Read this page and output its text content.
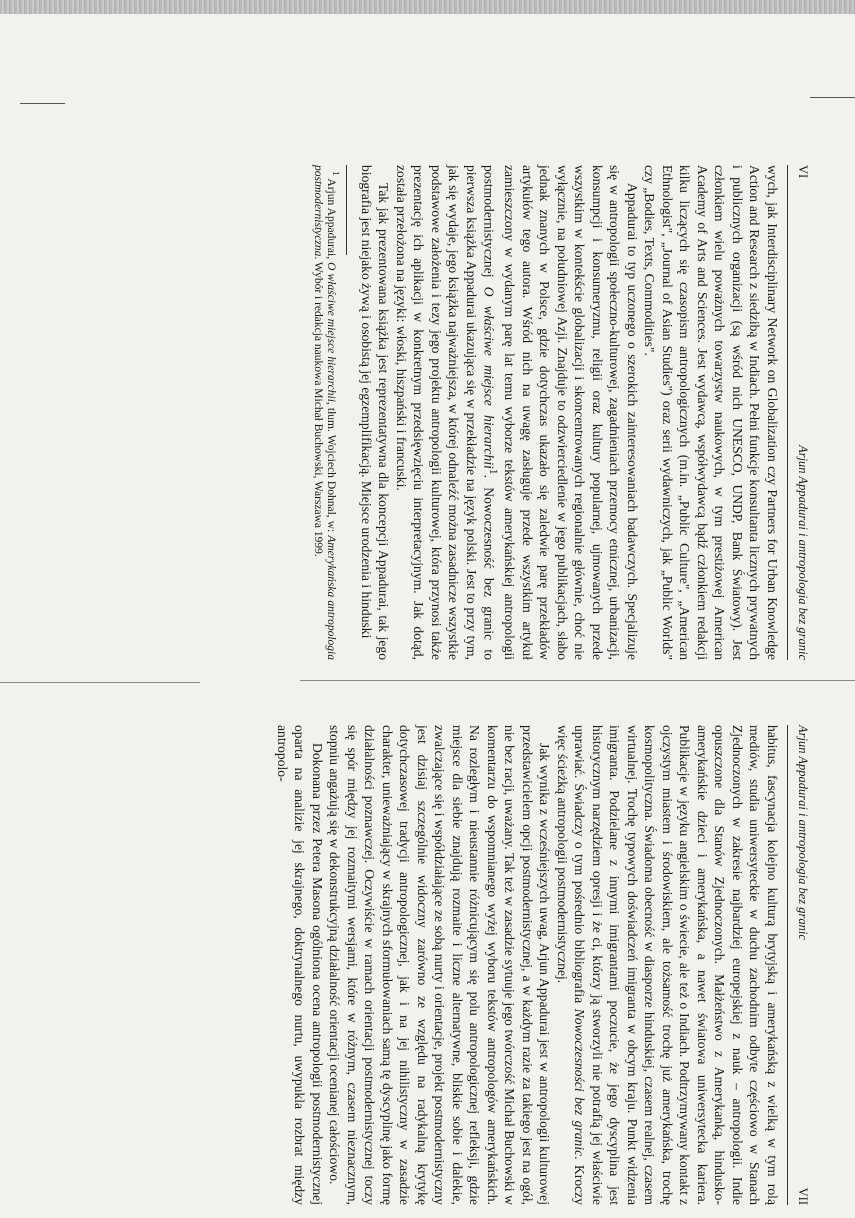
VI
Arjun Appadurai i antropologia bez granic

wych, jak Interdisciplinary Network on Globalization czy Partners for Urban Knowledge Action and Research z siedzibą w Indiach. Pełni funkcje konsultanta licznych prywatnych i publicznych organizacji (są wśród nich UNESCO, UNDP, Bank Światowy). Jest członkiem wielu poważnych towarzystw naukowych, w tym prestiżowej American Academy of Arts and Sciences. Jest wydawcą, współwydawcą bądź członkiem redakcji kilku liczących się czasopism antropologicznych (m.in. „Public Culture", „American Ethnologist", „Journal of Asian Studies") oraz serii wydawniczych, jak „Public Worlds" czy „Bodies, Texts, Commodities".

Appadurai to typ uczonego o szerokich zainteresowaniach badawczych. Specjalizuje się w antropologii społeczno-kulturowej, zagadnieniach przemocy etnicznej, urbanizacji, konsumpcji i konsumeryzmu, religii oraz kultury popularnej, ujmowanych przede wszystkim w kontekście globalizacji i skoncentrowanych regionalnie głównie, choć nie wyłącznie, na południowej Azji. Znajduje to odzwierciedlenie w jego publikacjach, słabo jednak znanych w Polsce, gdzie dotychczas ukazało się zaledwie parę przekładów artykułów tego autora. Wśród nich na uwagę zasługuje przede wszystkim artykuł zamieszczony w wydanym parę lat temu wyborze tekstów amerykańskiej antropologii postmodernistycznej O właściwe miejsce hierarchii$^1$. Nowoczesność bez granic to pierwsza książka Appadurai ukazująca się w przekładzie na język polski. Jest to przy tym, jak się wydaje, jego książka najważniejsza, w której odnaleźć można zasadnicze wszystkie podstawowe założenia i tezy jego projektu antropologii kulturowej, która przynosi także prezentację ich aplikacji w konkretnym przedsięwzięciu interpretacyjnym. Jak dotąd, została przełożona na języki: włoski, hiszpański i francuski.

Tak jak prezentowana książka jest reprezentatywna dla koncepcji Appadurai, tak jego biografia jest niejako żywą i osobistą jej egzemplifikacją. Miejsce urodzenia i hinduski

$^1$ Arjun Appadurai, O właściwe miejsce hierarchii, tłum. Wojciech Dohnal, w: Amerykańska antropologia postmodernistyczna. Wybór i redakcja naukowa Michał Buchowski, Warszawa 1999.
Arjun Appadurai i antropologia bez granic
VII

habitus, fascynacja kolejno kulturą brytyjską i amerykańską z wielką w tym rolą mediów, studia uniwersyteckie w duchu zachodnim odbyte częściowo w Stanach Zjednoczonych w zakresie najbardziej europejskiej z nauk – antropologii. Indie opuszczone dla Stanów Zjednoczonych. Małżeństwo z Amerykanką, hindusko-amerykańskie dzieci i amerykańska, a nawet światowa uniwersytecka kariera. Publikacje w języku angielskim o świecie, ale też o Indiach. Podtrzymywany kontakt z ojczystym miastem i środowiskiem, ale tożsamość trochę już amerykańska, trochę kosmopolityczna. Świadoma obecność w diasporze hinduskiej, czasem realnej, czasem wirtualnej. Trochę typowych doświadczeń imigranta w obcym kraju. Punkt widzenia imigranta. Podzielane z innymi imigrantami poczucie, że jego dyscyplina jest historycznym narzędziem opresji i że ci, którzy ją stworzyli nie potrafią jej właściwie uprawiać. Świadczy o tym pośrednio bibliografia Nowoczesności bez granic. Kroczy więc ścieżką antropologii postmodernistycznej.

Jak wynika z wcześniejszych uwag, Arjun Appadurai jest w antropologii kulturowej przedstawicielem opcji postmodernistycznej, a w każdym razie za takiego jest na ogół, nie bez racji, uważany. Tak też w zasadzie sytuuje jego twórczość Michał Buchowski w komentarzu do wspomnianego wyżej wyboru tekstów antropologów amerykańskich. Na rozległym i nieustannie różnicującym się polu antropologicznej refleksji, gdzie miejsce dla siebie znajdują rozmaite i liczne alternatywne, bliskie sobie i dalekie, zwalczające się i współdziałające ze sobą nurty i orientacje, projekt postmodernistyczny jest dzisiaj szczególnie widoczny zarówno ze względu na radykalną krytykę dotychczasowej tradycji antropologicznej, jak i na jej nihilistyczny w zasadzie charakter, unieważniający w skrajnych sformułowaniach samą tę dyscyplinę jako formę działalności poznawczej. Oczywiście w ramach orientacji postmodernistycznej toczy się spór między jej rozmaitymi wersjami, które w różnym, czasem nieznacznym, stopniu angażują się w dekonstrukcyjną działalność orientacji ocenianej całościowo.

Dokonana przez Petera Masona ogólniona ocena antropologii postmodernistycznej oparta na analizie jej skrajnego, doktrynalnego nurtu, uwypukla rozbrat między antropolo-
